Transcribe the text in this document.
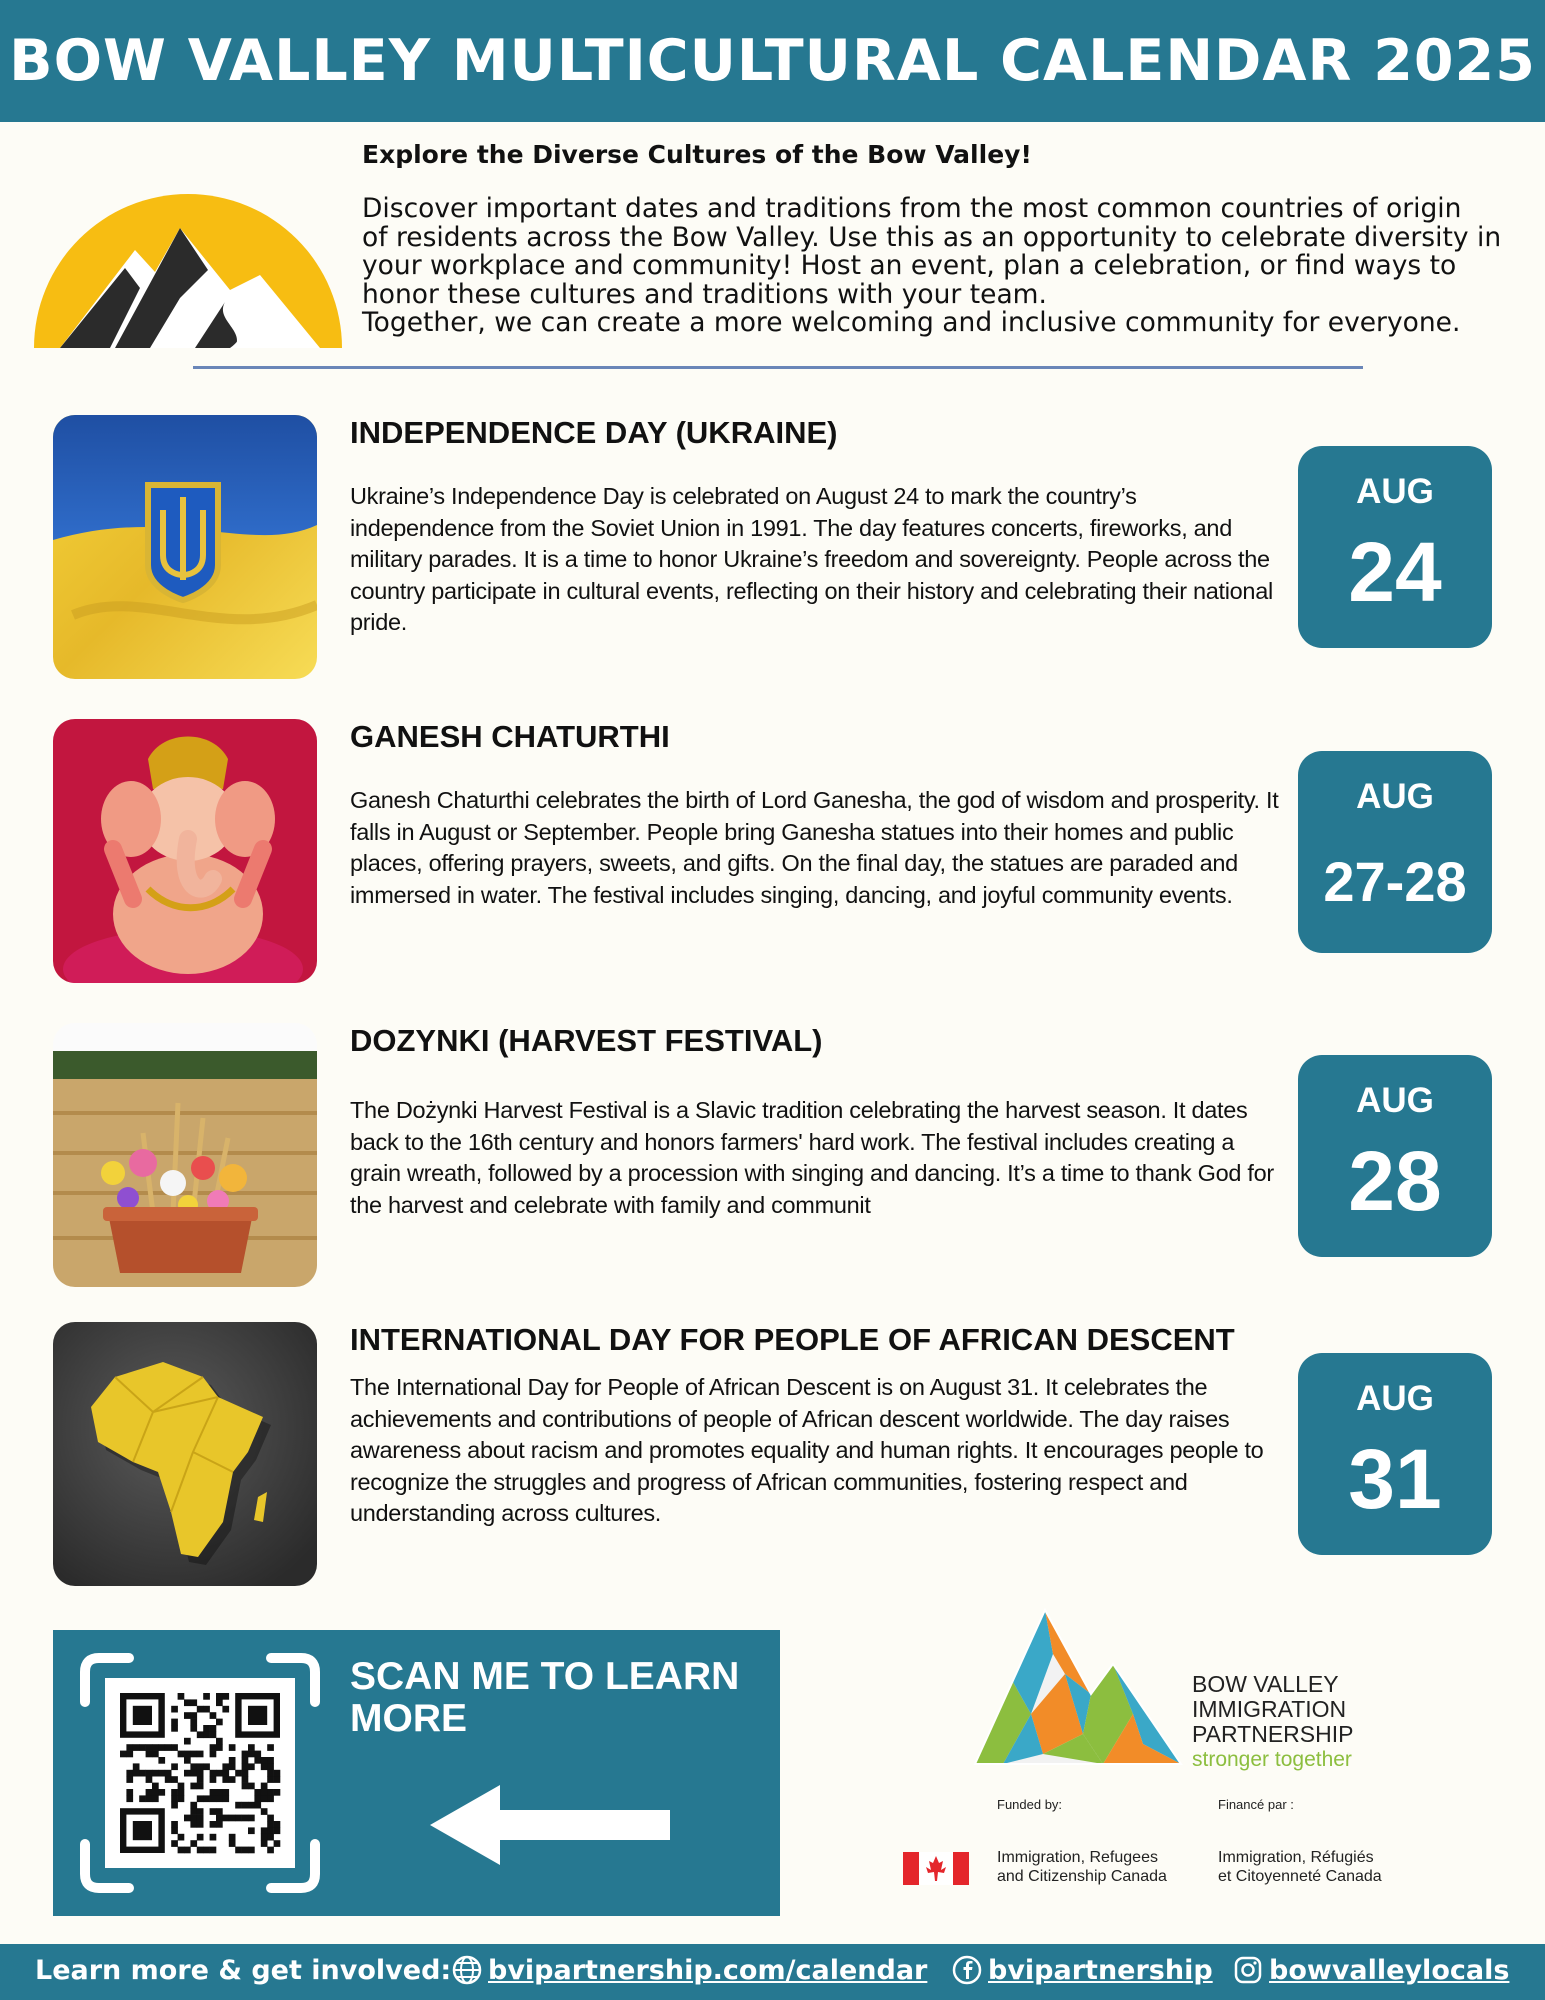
BOW VALLEY MULTICULTURAL CALENDAR 2025
Explore the Diverse Cultures of the Bow Valley!

Discover important dates and traditions from the most common countries of origin
of residents across the Bow Valley. Use this as an opportunity to celebrate diversity in
your workplace and community! Host an event, plan a celebration, or find ways to
honor these cultures and traditions with your team.
Together, we can create a more welcoming and inclusive community for everyone.

INDEPENDENCE DAY (UKRAINE)

Ukraine’s Independence Day is celebrated on August 24 to mark the country’s independence from the Soviet Union in 1991. The day features concerts, fireworks, and military parades. It is a time to honor Ukraine’s freedom and sovereignty. People across the country participate in cultural events, reflecting on their history and celebrating their national pride.

AUG
24
GANESH CHATURTHI

Ganesh Chaturthi celebrates the birth of Lord Ganesha, the god of wisdom and prosperity. It falls in August or September. People bring Ganesha statues into their homes and public places, offering prayers, sweets, and gifts. On the final day, the statues are paraded and immersed in water. The festival includes singing, dancing, and joyful community events.

AUG
27-28
DOZYNKI (HARVEST FESTIVAL)

The Dożynki Harvest Festival is a Slavic tradition celebrating the harvest season. It dates back to the 16th century and honors farmers' hard work. The festival includes creating a grain wreath, followed by a procession with singing and dancing. It’s a time to thank God for the harvest and celebrate with family and communit

AUG
28
INTERNATIONAL DAY FOR PEOPLE OF AFRICAN DESCENT

The International Day for People of African Descent is on August 31. It celebrates the achievements and contributions of people of African descent worldwide. The day raises awareness about racism and promotes equality and human rights. It encourages people to recognize the struggles and progress of African communities, fostering respect and understanding across cultures.

AUG
31
SCAN ME TO LEARN MORE
BOW VALLEY
IMMIGRATION
PARTNERSHIP
stronger together
Funded by:	Financé par :
Immigration, Refugees
and Citizenship Canada
Immigration, Réfugiés
et Citoyenneté Canada
Learn more & get involved:	bvipartnership.com/calendar	bvipartnership	bowvalleylocals
